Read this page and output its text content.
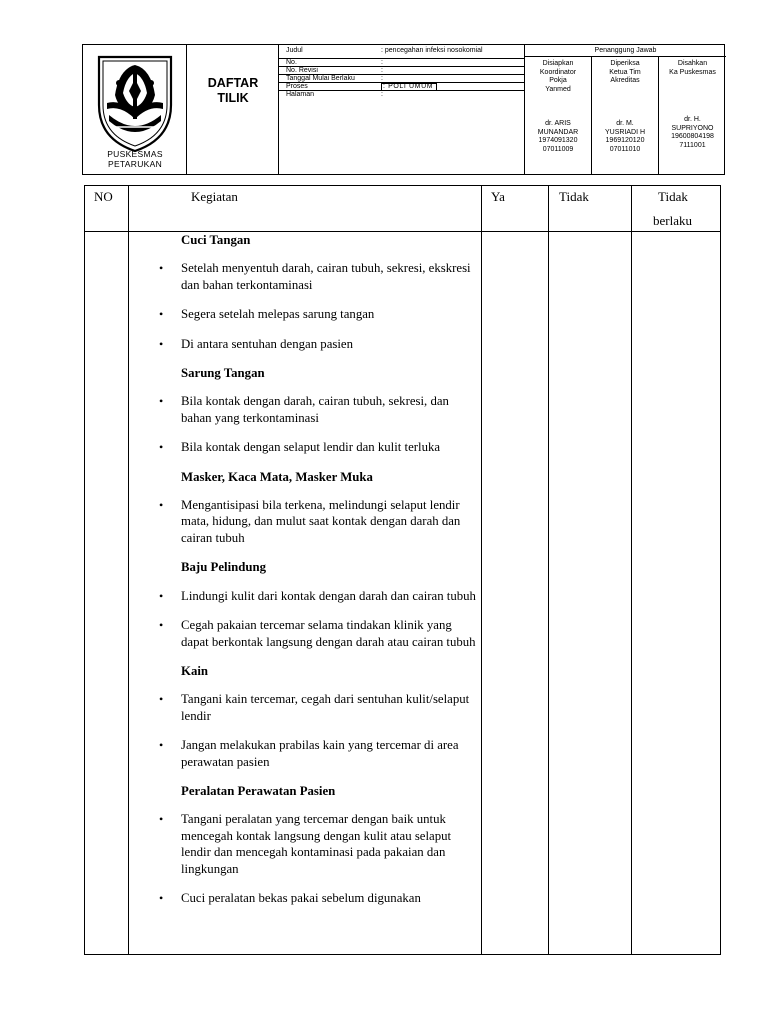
PUSKESMAS
PETARUKAN
DAFTAR
TILIK
Judul	: pencegahan infeksi nosokomial
No.	:
No. Revisi	:
Tanggal Mulai Berlaku	:
Proses	: POLI UMUM
Halaman	:
Penanggung Jawab
Disiapkan
Koordinator
Pokja
Yanmed
dr. ARIS
MUNANDAR
1974091320
07011009
Diperiksa
Ketua Tim
Akreditas
dr. M.
YUSRIADI H
1969120120
07011010
Disahkan
Ka Puskesmas
dr. H.
SUPRIYONO
19600804198
7111001
NO	Kegiatan	Ya	Tidak	Tidak
berlaku
Cuci Tangan
• Setelah menyentuh darah, cairan tubuh, sekresi, ekskresi dan bahan terkontaminasi
• Segera setelah melepas sarung tangan
• Di antara sentuhan dengan pasien
Sarung Tangan
• Bila kontak dengan darah, cairan tubuh, sekresi, dan bahan yang terkontaminasi
• Bila kontak dengan selaput lendir dan kulit terluka
Masker, Kaca Mata, Masker Muka
• Mengantisipasi bila terkena, melindungi selaput lendir mata, hidung, dan mulut saat kontak dengan darah dan cairan tubuh
Baju Pelindung
• Lindungi kulit dari kontak dengan darah dan cairan tubuh
• Cegah pakaian tercemar selama tindakan klinik yang dapat berkontak langsung dengan darah atau cairan tubuh
Kain
• Tangani kain tercemar, cegah dari sentuhan kulit/selaput lendir
• Jangan melakukan prabilas kain yang tercemar di area perawatan pasien
Peralatan Perawatan Pasien
• Tangani peralatan yang tercemar dengan baik untuk mencegah kontak langsung dengan kulit atau selaput lendir dan mencegah kontaminasi pada pakaian dan lingkungan
• Cuci peralatan bekas pakai sebelum digunakan
